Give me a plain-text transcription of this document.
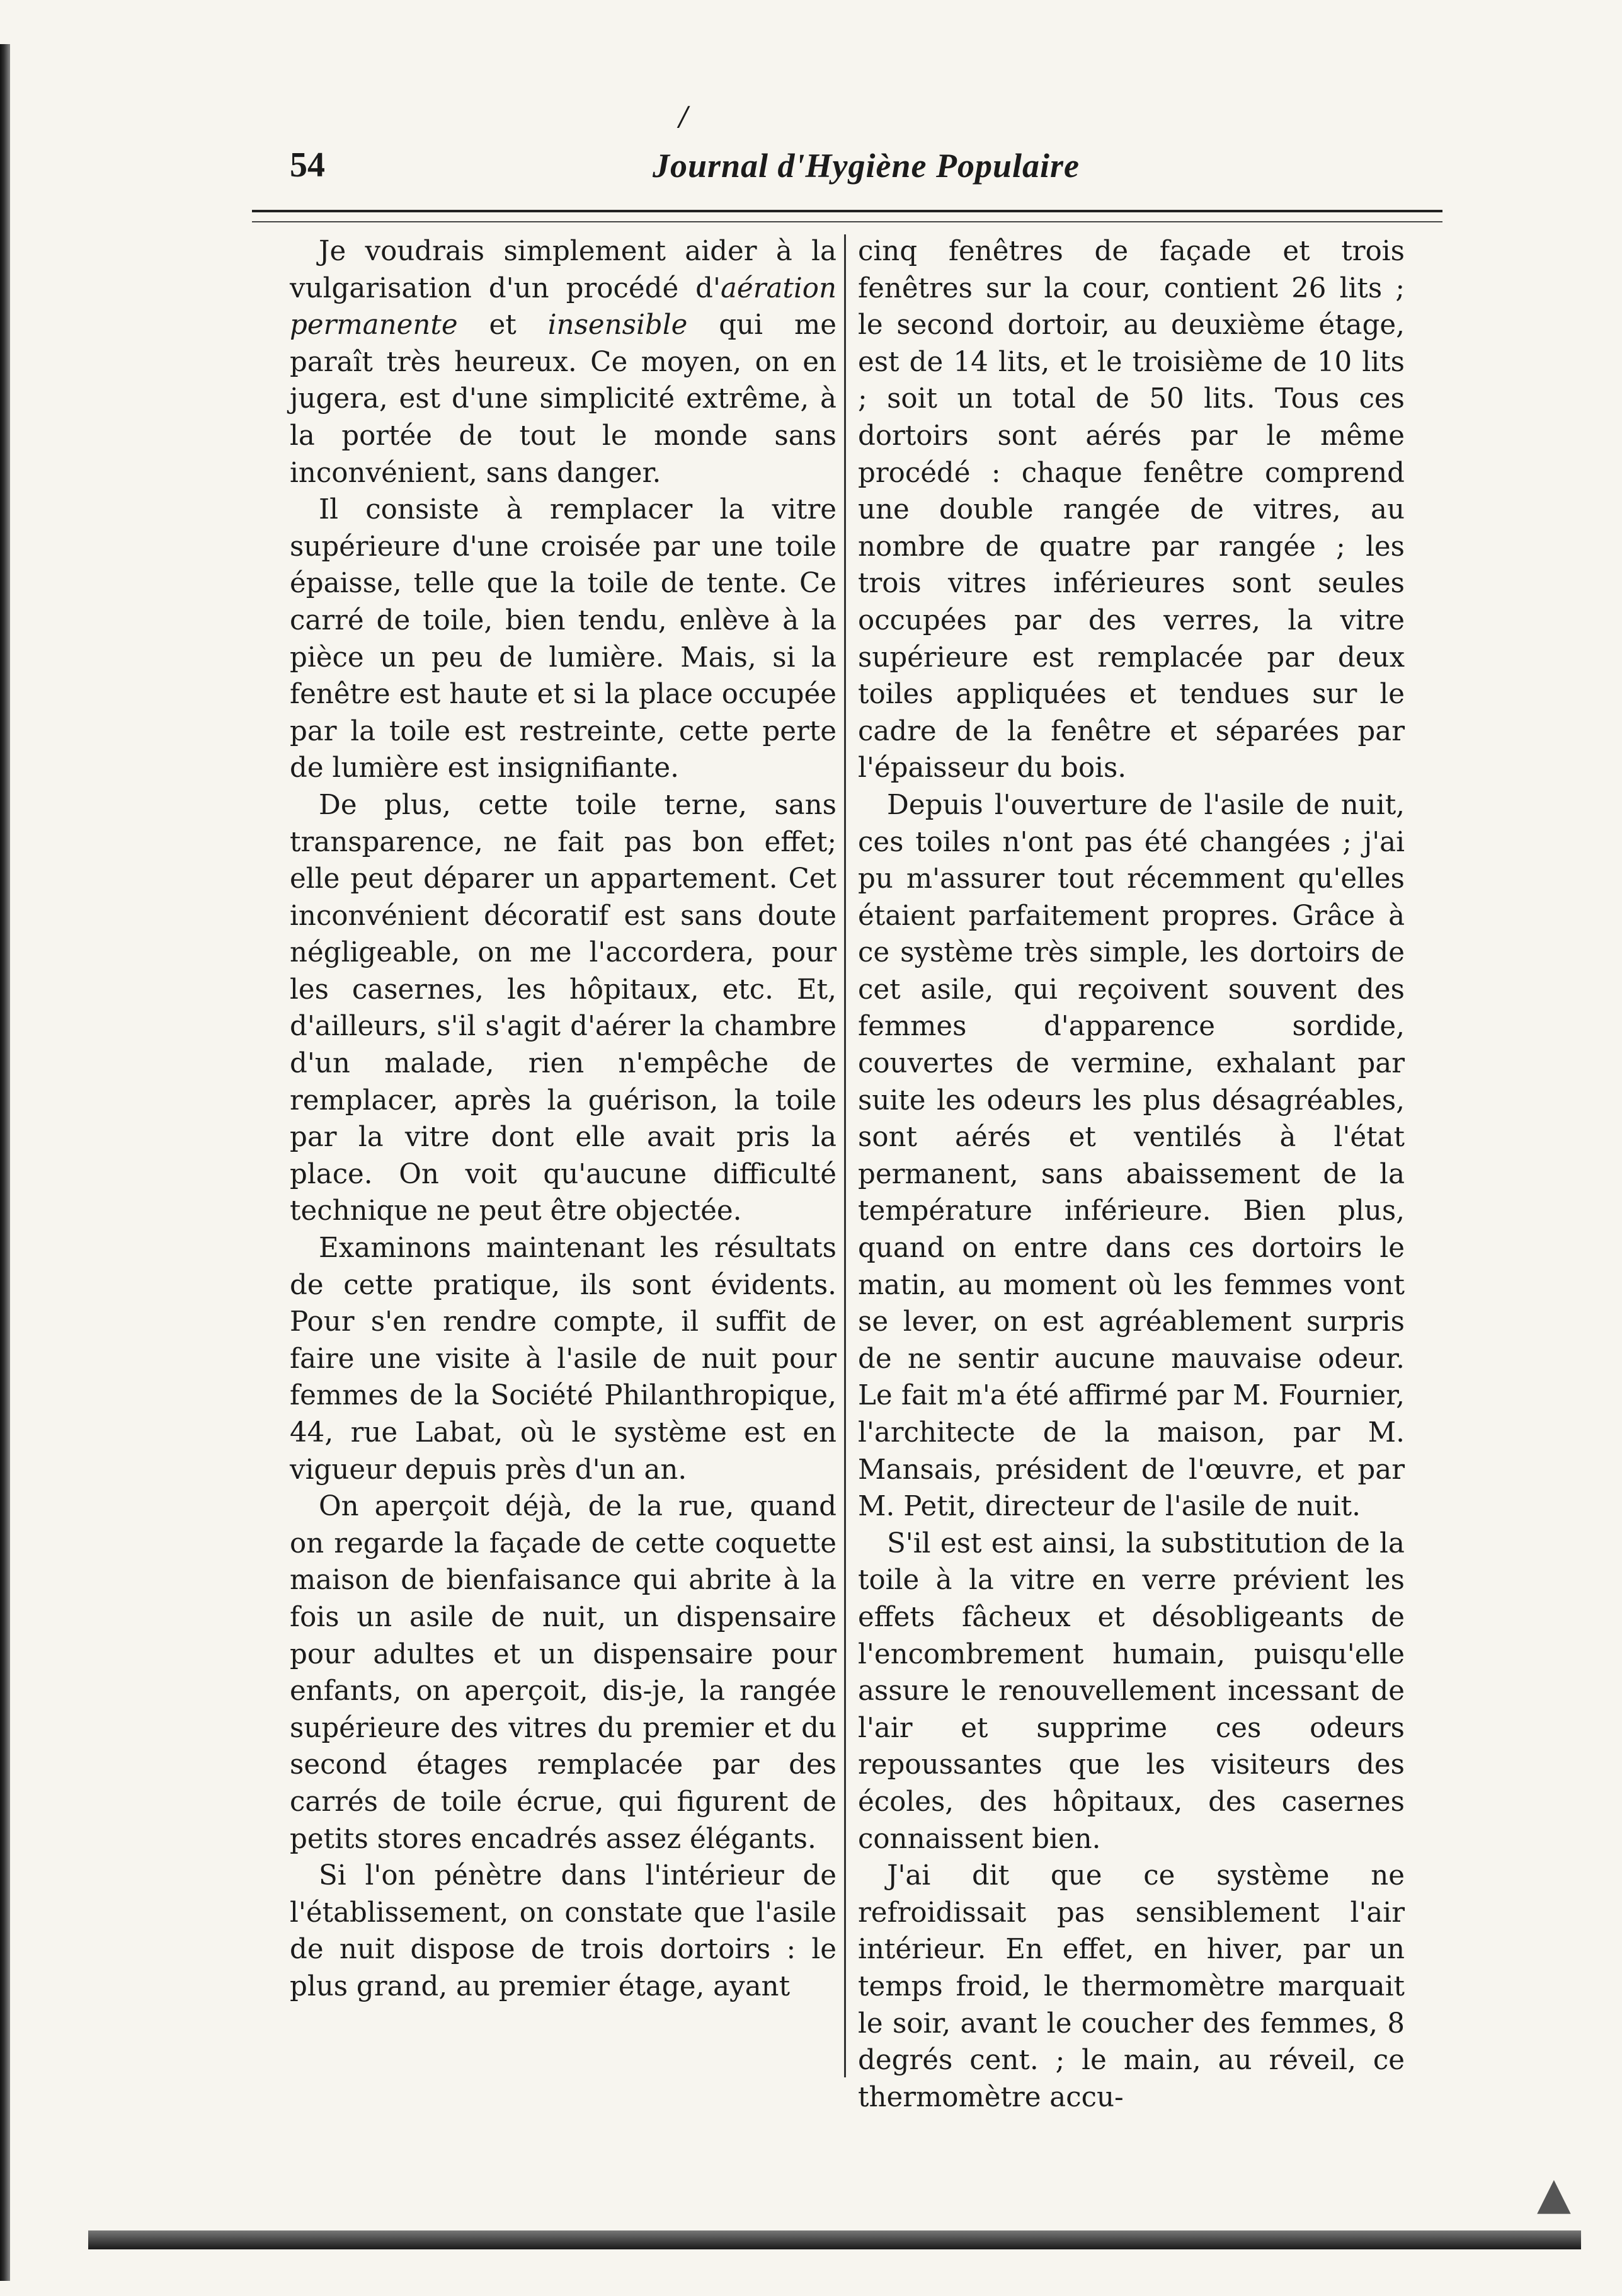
▲
/
54	Journal d'Hygiène Populaire

Je voudrais simplement aider à la vulgarisation d'un procédé d'aération permanente et insensible qui me paraît très heureux. Ce moyen, on en jugera, est d'une simplicité extrême, à la portée de tout le monde sans inconvénient, sans danger.

Il consiste à remplacer la vitre supérieure d'une croisée par une toile épaisse, telle que la toile de tente. Ce carré de toile, bien tendu, enlève à la pièce un peu de lumière. Mais, si la fenêtre est haute et si la place occupée par la toile est restreinte, cette perte de lumière est insignifiante.

De plus, cette toile terne, sans transparence, ne fait pas bon effet; elle peut déparer un appartement. Cet inconvénient décoratif est sans doute négligeable, on me l'accordera, pour les casernes, les hôpitaux, etc. Et, d'ailleurs, s'il s'agit d'aérer la chambre d'un malade, rien n'empêche de remplacer, après la guérison, la toile par la vitre dont elle avait pris la place. On voit qu'aucune difficulté technique ne peut être objectée.

Examinons maintenant les résultats de cette pratique, ils sont évidents. Pour s'en rendre compte, il suffit de faire une visite à l'asile de nuit pour femmes de la Société Philanthropique, 44, rue Labat, où le système est en vigueur depuis près d'un an.

On aperçoit déjà, de la rue, quand on regarde la façade de cette coquette maison de bienfaisance qui abrite à la fois un asile de nuit, un dispensaire pour adultes et un dispensaire pour enfants, on aperçoit, dis-je, la rangée supérieure des vitres du premier et du second étages remplacée par des carrés de toile écrue, qui figurent de petits stores encadrés assez élégants.

Si l'on pénètre dans l'intérieur de l'établissement, on constate que l'asile de nuit dispose de trois dortoirs : le plus grand, au premier étage, ayant

cinq fenêtres de façade et trois fenêtres sur la cour, contient 26 lits ; le second dortoir, au deuxième étage, est de 14 lits, et le troisième de 10 lits ; soit un total de 50 lits. Tous ces dortoirs sont aérés par le même procédé : chaque fenêtre comprend une double rangée de vitres, au nombre de quatre par rangée ; les trois vitres inférieures sont seules occupées par des verres, la vitre supérieure est remplacée par deux toiles appliquées et tendues sur le cadre de la fenêtre et séparées par l'épaisseur du bois.

Depuis l'ouverture de l'asile de nuit, ces toiles n'ont pas été changées ; j'ai pu m'assurer tout récemment qu'elles étaient parfaitement propres. Grâce à ce système très simple, les dortoirs de cet asile, qui reçoivent souvent des femmes d'apparence sordide, couvertes de vermine, exhalant par suite les odeurs les plus désagréables, sont aérés et ventilés à l'état permanent, sans abaissement de la température inférieure. Bien plus, quand on entre dans ces dortoirs le matin, au moment où les femmes vont se lever, on est agréablement surpris de ne sentir aucune mauvaise odeur. Le fait m'a été affirmé par M. Fournier, l'architecte de la maison, par M. Mansais, président de l'œuvre, et par M. Petit, directeur de l'asile de nuit.

S'il est est ainsi, la substitution de la toile à la vitre en verre prévient les effets fâcheux et désobligeants de l'encombrement humain, puisqu'elle assure le renouvellement incessant de l'air et supprime ces odeurs repoussantes que les visiteurs des écoles, des hôpitaux, des casernes connaissent bien.

J'ai dit que ce système ne refroidissait pas sensiblement l'air intérieur. En effet, en hiver, par un temps froid, le thermomètre marquait le soir, avant le coucher des femmes, 8 degrés cent. ; le main, au réveil, ce thermomètre accu-
